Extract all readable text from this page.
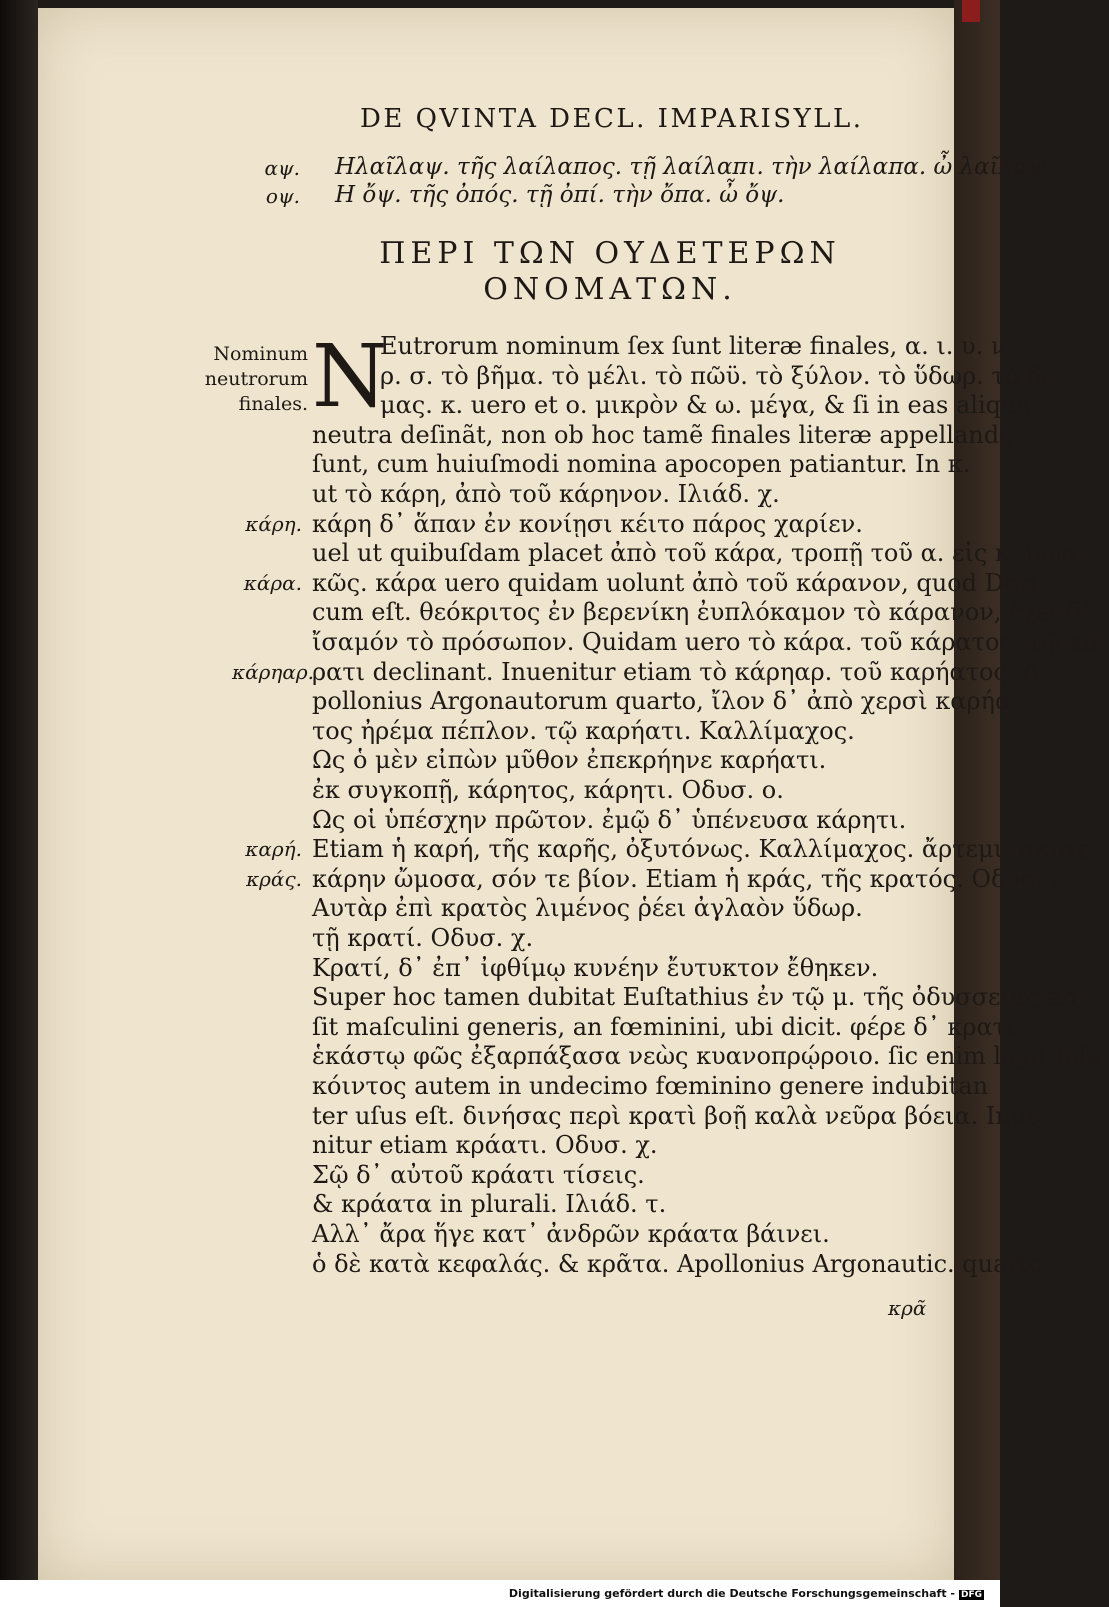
DE QVINTA DECL. IMPARISYLL.
αψ. Ηλαῖλαψ. τῆς λαίλαπος. τῇ λαίλαπι. τὴν λαίλαπα. ὦ λαῖλαψ.
οψ. Η ὄψ. τῆς ὀπός. τῇ ὀπί. τὴν ὄπα. ὦ ὄψ.
ΠΕΡΙ ΤΩΝ ΟΥΔΕΤΕΡΩΝ
ΟΝΟΜΑΤΩΝ.
Nominum
neutrorum
finales. N
Eutrorum nominum ſex ſunt literæ finales, α. ι. υ. ν.
ρ. σ. τὸ βῆμα. τὸ μέλι. τὸ πῶϋ. τὸ ξύλον. τὸ ὕδωρ. τὸ δέ
μας. κ. uero et ο. μικρὸν & ω. μέγα, & ſi in eas aliqua
neutra deſinãt, non ob hoc tamẽ finales literæ appellandę
ſunt, cum huiuſmodi nomina apocopen patiantur. In κ.
ut τὸ κάρη, ἀπὸ τοῦ κάρηνον. Ιλιάδ. χ.
κάρη δ᾽ ἅπαν ἐν κονίῃσι κέιτο πάρος χαρίεν.
uel ut quibuſdam placet ἀπὸ τοῦ κάρα, τροπῇ τοῦ α. εἰς κ. ἰωνι
κῶς. κάρα uero quidam uolunt ἀπὸ τοῦ κάρανον, quod Dori
cum eſt. θεόκριτος ἐν βερενίκη ἐυπλόκαμον τὸ κάρανον, ἔχει δ᾽
ἴσαμόν τὸ πρόσωπον. Quidam uero τὸ κάρα. τοῦ κάρατος. τῷ κά
ρατι declinant. Inuenitur etiam τὸ κάρηαρ. τοῦ καρήατος. A
pollonius Argonautorum quarto, ἴλον δ᾽ ἀπὸ χερσὶ καρήα
τος ἠρέμα πέπλον. τῷ καρήατι. Καλλίμαχος.
Ως ὁ μὲν εἰπὼν μῦθον ἐπεκρήηνε καρήατι.
ἐκ συγκοπῇ, κάρητος, κάρητι. Οδυσ. ο.
Ως οἱ ὑπέσχην πρῶτον. ἐμῷ δ᾽ ὑπένευσα κάρητι.
Etiam ἡ καρή, τῆς καρῆς, ὀξυτόνως. Καλλίμαχος. ἄρτεμι, σκύτε,
κάρην ὤμοσα, σόν τε βίον. Etiam ἡ κράς, τῆς κρατός. Οδυσ. ι.
Αυτὰρ ἐπὶ κρατὸς λιμένος ῥέει ἀγλαὸν ὕδωρ.
τῇ κρατί. Οδυσ. χ.
Κρατί, δ᾽ ἐπ᾽ ἰφθίμῳ κυνέην ἔυτυκτον ἔθηκεν.
Super hoc tamen dubitat Euſtathius ἐν τῷ μ. τῆς ὀδυσσείας an
ſit maſculini generis, an fœminini, ubi dicit. φέρε δ᾽ κρατί
ἑκάστῳ φῶς ἐξαρπάξασα νεὼς κυανοπρῴροιο. ſic enim legit ipſe.
κόιντος autem in undecimo fœminino genere indubitan
ter uſus eſt. δινήσας περὶ κρατὶ βοῇ καλὰ νεῦρα βόεια. Inue
nitur etiam κράατι. Οδυσ. χ.
Σῷ δ᾽ αὐτοῦ κράατι τίσεις.
& κράατα in plurali. Ιλιάδ. τ.
Αλλ᾽ ἄρα ἥγε κατ᾽ ἀνδρῶν κράατα βάινει.
ὁ δὲ κατὰ κεφαλάς. & κρᾶτα. Apollonius Argonautic. quarto
κάρη.
κάρα.
κάρηαρ.
καρή.
κράς.
κρᾶ
Digitalisierung gefördert durch die Deutsche Forschungsgemeinschaft - DFG
